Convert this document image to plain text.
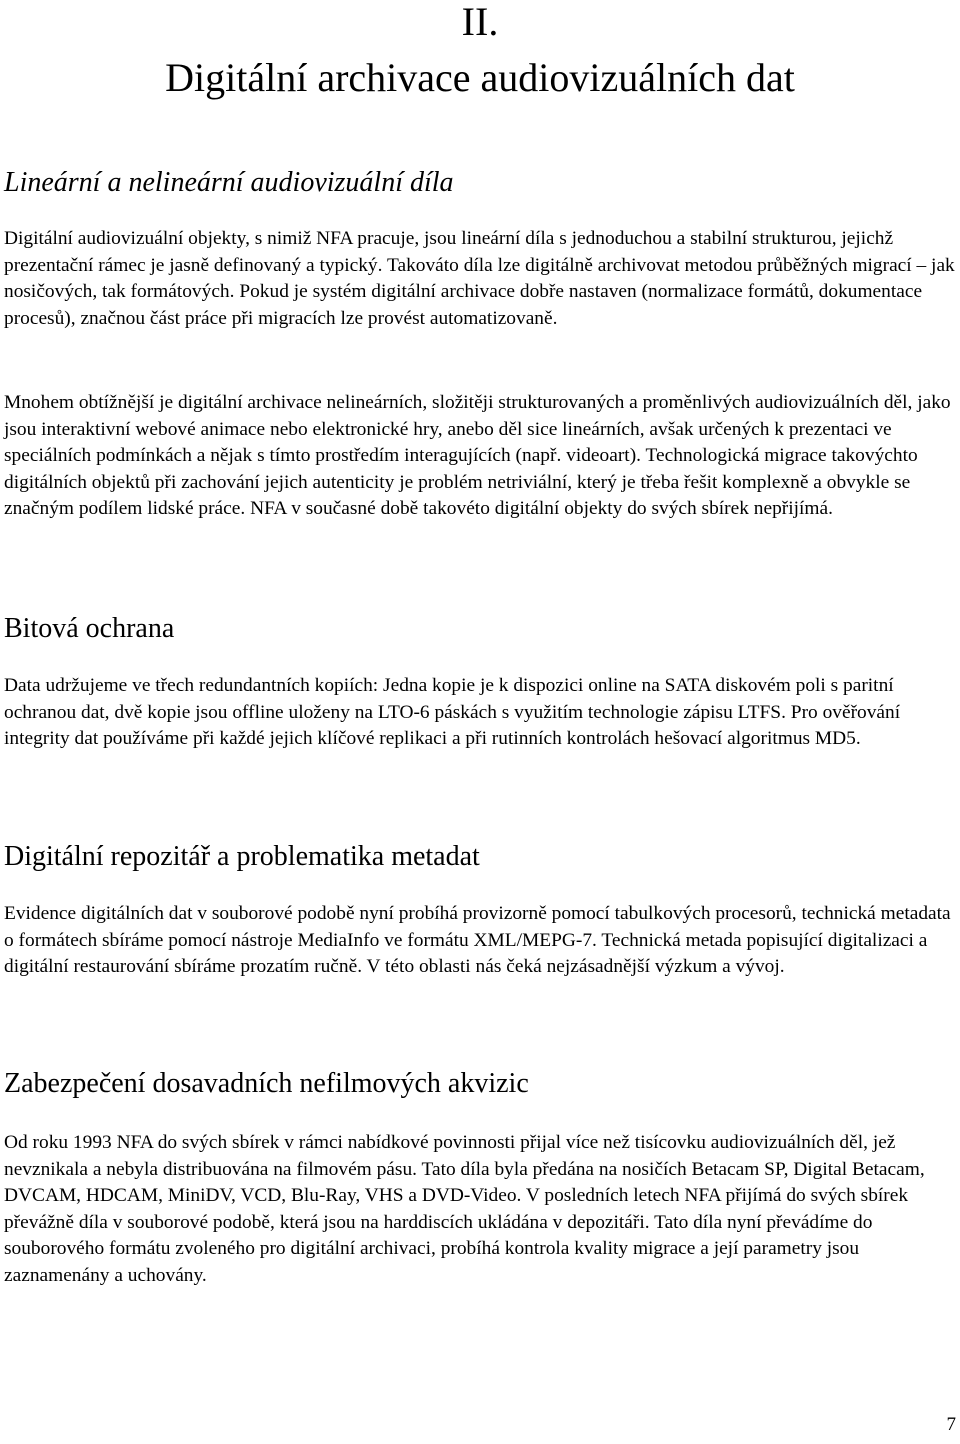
II.
Digitální archivace audiovizuálních dat
Lineární a nelineární audiovizuální díla

Digitální audiovizuální objekty, s nimiž NFA pracuje, jsou lineární díla s jednoduchou a stabilní strukturou, jejichž prezentační rámec je jasně definovaný a typický. Takováto díla lze digitálně archivovat metodou průběžných migrací – jak nosičových, tak formátových. Pokud je systém digitální archivace dobře nastaven (normalizace formátů, dokumentace procesů), značnou část práce při migracích lze provést automatizovaně.

Mnohem obtížnější je digitální archivace nelineárních, složitěji strukturovaných a proměnlivých audiovizuálních děl, jako jsou interaktivní webové animace nebo elektronické hry, anebo děl sice lineárních, avšak určených k prezentaci ve speciálních podmínkách a nějak s tímto prostředím interagujících (např. videoart). Technologická migrace takovýchto digitálních objektů při zachování jejich autenticity je problém netriviální, který je třeba řešit komplexně a obvykle se značným podílem lidské práce. NFA v současné době takovéto digitální objekty do svých sbírek nepřijímá.

Bitová ochrana

Data udržujeme ve třech redundantních kopiích: Jedna kopie je k dispozici online na SATA diskovém poli s paritní ochranou dat, dvě kopie jsou offline uloženy na LTO-6 páskách s využitím technologie zápisu LTFS. Pro ověřování integrity dat používáme při každé jejich klíčové replikaci a při rutinních kontrolách hešovací algoritmus MD5.

Digitální repozitář a problematika metadat

Evidence digitálních dat v souborové podobě nyní probíhá provizorně pomocí tabulkových procesorů, technická metadata o formátech sbíráme pomocí nástroje MediaInfo ve formátu XML/MEPG-7. Technická metada popisující digitalizaci a digitální restaurování sbíráme prozatím ručně. V této oblasti nás čeká nejzásadnější výzkum a vývoj.

Zabezpečení dosavadních nefilmových akvizic

Od roku 1993 NFA do svých sbírek v rámci nabídkové povinnosti přijal více než tisícovku audiovizuálních děl, jež nevznikala a nebyla distribuována na filmovém pásu. Tato díla byla předána na nosičích Betacam SP, Digital Betacam, DVCAM, HDCAM, MiniDV, VCD, Blu-Ray, VHS a DVD-Video. V posledních letech NFA přijímá do svých sbírek převážně díla v souborové podobě, která jsou na harddiscích ukládána v depozitáři. Tato díla nyní převádíme do souborového formátu zvoleného pro digitální archivaci, probíhá kontrola kvality migrace a její parametry jsou zaznamenány a uchovány.

7
